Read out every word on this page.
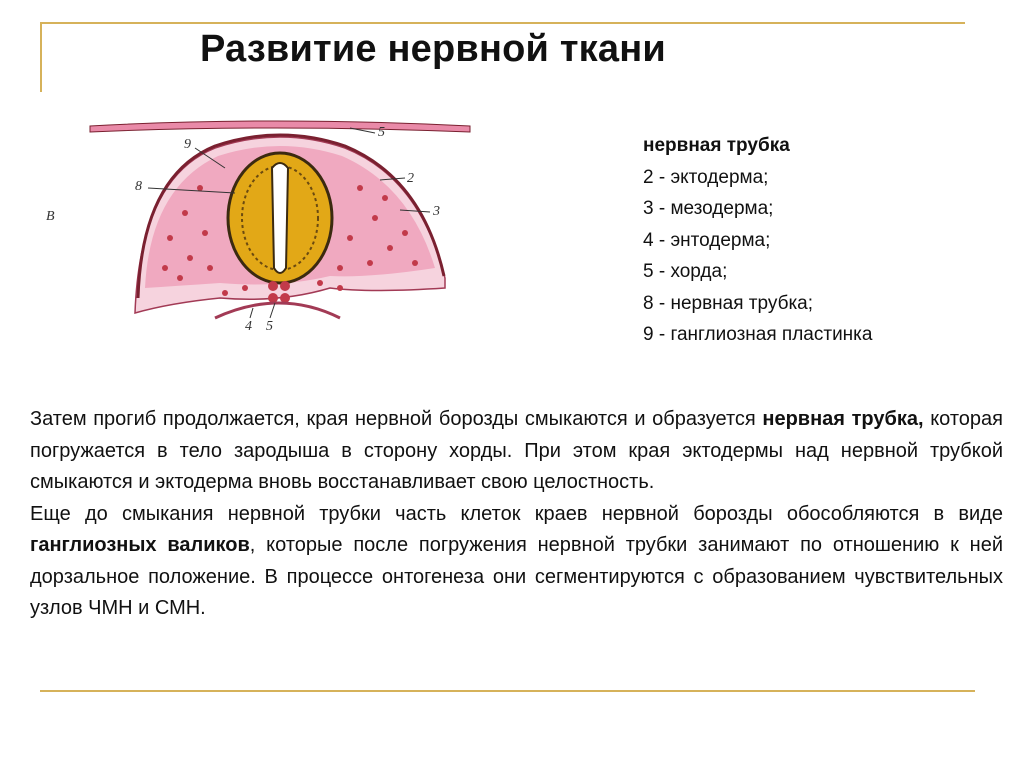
Развитие нервной ткани
В
9
8
5
2
3
4 5
нервная трубка
2 - эктодерма;
3 - мезодерма;
4 - энтодерма;
5 - хорда;
8 - нервная трубка;
9 - ганглиозная пластинка

Затем прогиб продолжается, края нервной борозды смыкаются и образуется нервная трубка, которая погружается в тело зародыша в сторону хорды. При этом края эктодермы над нервной трубкой смыкаются и эктодерма вновь восстанавливает свою целостность.

Еще до смыкания нервной трубки часть клеток краев нервной борозды обособляются в виде ганглиозных валиков, которые после погружения нервной трубки занимают по отношению к ней дорзальное положение. В процессе онтогенеза они сегментируются с образованием чувствительных узлов ЧМН и СМН.
